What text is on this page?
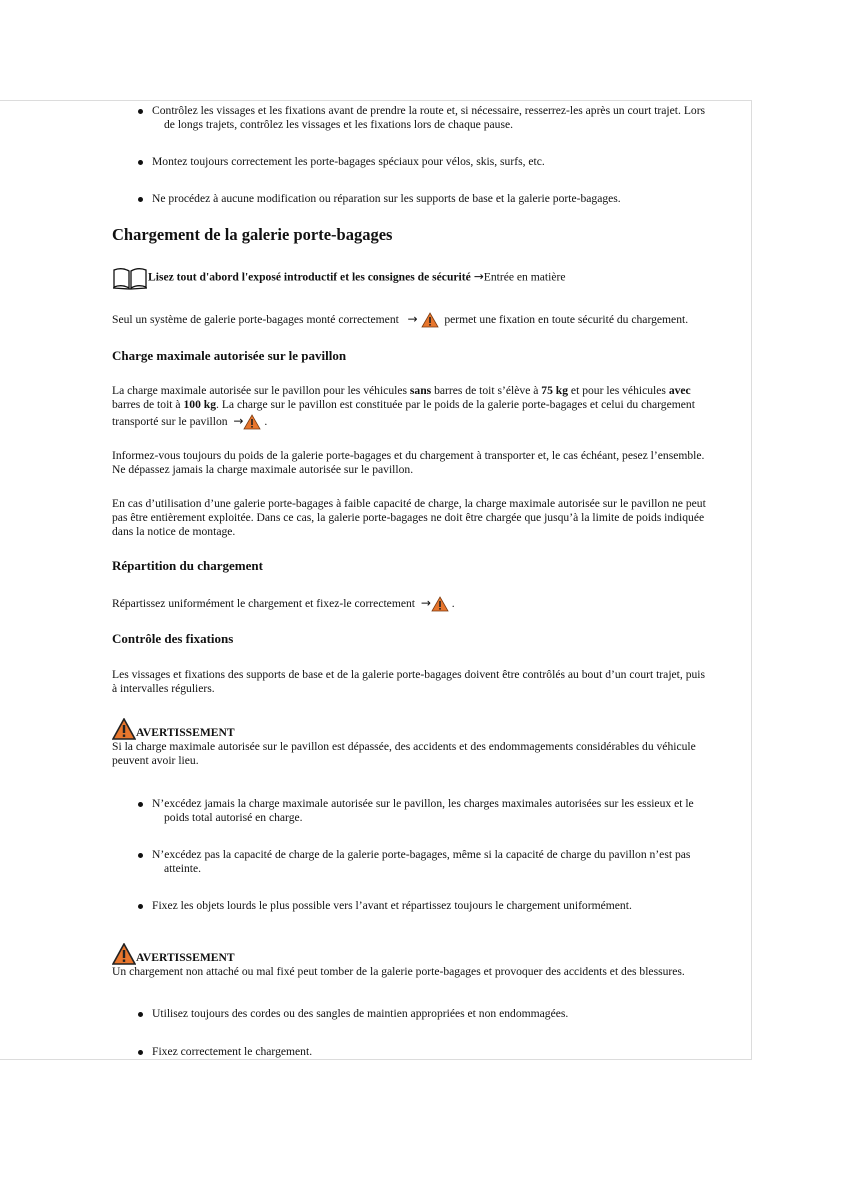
Contrôlez les vissages et les fixations avant de prendre la route et, si nécessaire, resserrez-les après un court trajet. Lors
de longs trajets, contrôlez les vissages et les fixations lors de chaque pause.
Montez toujours correctement les porte-bagages spéciaux pour vélos, skis, surfs, etc.
Ne procédez à aucune modification ou réparation sur les supports de base et la galerie porte-bagages.
Chargement de la galerie porte-bagages
Lisez tout d'abord l'exposé introductif et les consignes de sécurité →Entrée en matière
Seul un système de galerie porte-bagages monté correctement → permet une fixation en toute sécurité du chargement.
Charge maximale autorisée sur le pavillon
La charge maximale autorisée sur le pavillon pour les véhicules sans barres de toit s’élève à 75 kg et pour les véhicules avec
barres de toit à 100 kg. La charge sur le pavillon est constituée par le poids de la galerie porte-bagages et celui du chargement
transporté sur le pavillon → .
Informez-vous toujours du poids de la galerie porte-bagages et du chargement à transporter et, le cas échéant, pesez l’ensemble.
Ne dépassez jamais la charge maximale autorisée sur le pavillon.
En cas d’utilisation d’une galerie porte-bagages à faible capacité de charge, la charge maximale autorisée sur le pavillon ne peut
pas être entièrement exploitée. Dans ce cas, la galerie porte-bagages ne doit être chargée que jusqu’à la limite de poids indiquée
dans la notice de montage.
Répartition du chargement
Répartissez uniformément le chargement et fixez-le correctement → .
Contrôle des fixations
Les vissages et fixations des supports de base et de la galerie porte-bagages doivent être contrôlés au bout d’un court trajet, puis
à intervalles réguliers.
AVERTISSEMENT
Si la charge maximale autorisée sur le pavillon est dépassée, des accidents et des endommagements considérables du véhicule
peuvent avoir lieu.
N’excédez jamais la charge maximale autorisée sur le pavillon, les charges maximales autorisées sur les essieux et le
poids total autorisé en charge.
N’excédez pas la capacité de charge de la galerie porte-bagages, même si la capacité de charge du pavillon n’est pas
atteinte.
Fixez les objets lourds le plus possible vers l’avant et répartissez toujours le chargement uniformément.
AVERTISSEMENT
Un chargement non attaché ou mal fixé peut tomber de la galerie porte-bagages et provoquer des accidents et des blessures.
Utilisez toujours des cordes ou des sangles de maintien appropriées et non endommagées.
Fixez correctement le chargement.
